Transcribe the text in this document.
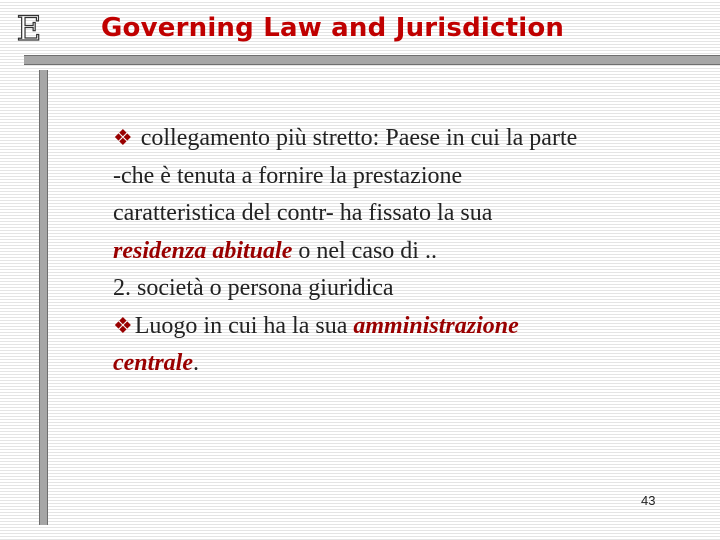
E Governing Law and Jurisdiction
❖ collegamento più stretto: Paese in cui la parte
-che è tenuta a fornire la prestazione
caratteristica del contr- ha fissato la sua
residenza abituale o nel caso di ..
2. società o persona giuridica
❖Luogo in cui ha la sua amministrazione
centrale.
43
